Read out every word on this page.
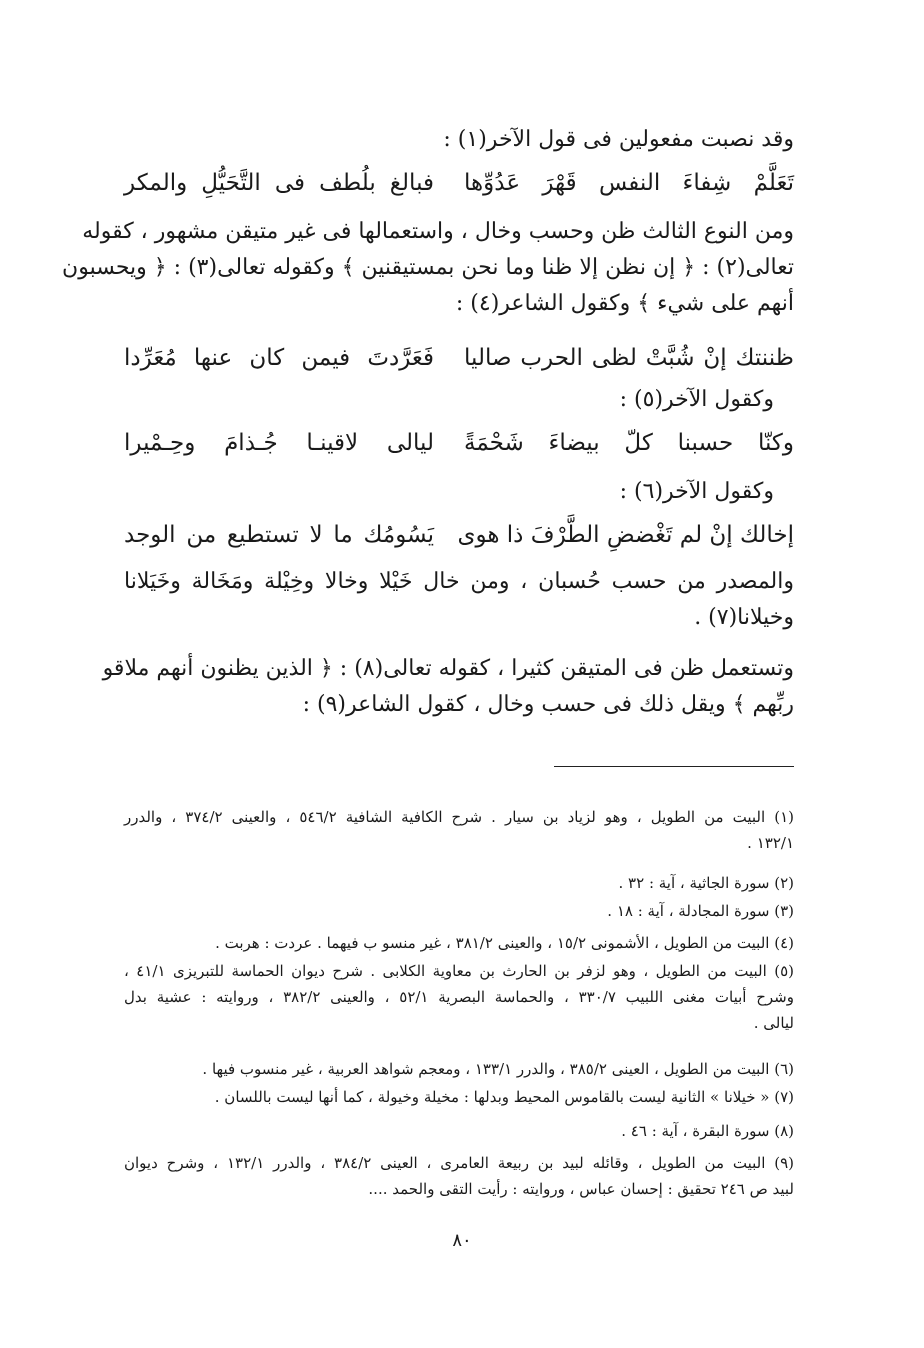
وقد نصبت مفعولين فى قول الآخر(١) :
تَعَلَّمْ شِفاءَ النفس قَهْرَ عَدُوِّها
فبالغ بلُطف فى التَّحَيُّلِ والمكر
ومن النوع الثالث ظن وحسب وخال ، واستعمالها فى غير متيقن مشهور ، كقوله
تعالى(٢) : ﴿ إن نظن إلا ظنا وما نحن بمستيقنين ﴾ وكقوله تعالى(٣) : ﴿ ويحسبون
أنهم على شيء ﴾ وكقول الشاعر(٤) :
ظننتك إنْ شُبَّتْ لظى الحرب صاليا
فَعَرَّدتَ فيمن كان عنها مُعَرِّدا
وكقول الآخر(٥) :
وكنّا حسبنا كلّ بيضاءَ شَحْمَةً
ليالى لاقينـا جُـذامَ وحِـمْيرا
وكقول الآخر(٦) :
إخالك إنْ لم تَغْضضِ الطَّرْفَ ذا هوى
يَسُومُك ما لا تستطيع من الوجد
والمصدر من حسب حُسبان ، ومن خال خَيْلا وخالا وخِيْلة ومَخَالة وخَيَلانا
وخيلانا(٧) .
وتستعمل ظن فى المتيقن كثيرا ، كقوله تعالى(٨) : ﴿ الذين يظنون أنهم ملاقو
ربِّهم ﴾ ويقل ذلك فى حسب وخال ، كقول الشاعر(٩) :
(١) البيت من الطويل ، وهو لزياد بن سيار . شرح الكافية الشافية ٥٤٦/٢ ، والعينى ٣٧٤/٢ ، والدرر
١٣٢/١ .
(٢) سورة الجاثية ، آية : ٣٢ .
(٣) سورة المجادلة ، آية : ١٨ .
(٤) البيت من الطويل ، الأشمونى ١٥/٢ ، والعينى ٣٨١/٢ ، غير منسو ب فيهما . عردت : هربت .
(٥) البيت من الطويل ، وهو لزفر بن الحارث بن معاوية الكلابى . شرح ديوان الحماسة للتبريزى ٤١/١ ،
وشرح أبيات مغنى اللبيب ٣٣٠/٧ ، والحماسة البصرية ٥٢/١ ، والعينى ٣٨٢/٢ ، وروايته : عشية بدل
ليالى .
(٦) البيت من الطويل ، العينى ٣٨٥/٢ ، والدرر ١٣٣/١ ، ومعجم شواهد العربية ، غير منسوب فيها .
(٧) « خيلانا » الثانية ليست بالقاموس المحيط وبدلها : مخيلة وخيولة ، كما أنها ليست باللسان .
(٨) سورة البقرة ، آية : ٤٦ .
(٩) البيت من الطويل ، وقائله لبيد بن ربيعة العامرى ، العينى ٣٨٤/٢ ، والدرر ١٣٢/١ ، وشرح ديوان
لبيد ص ٢٤٦ تحقيق : إحسان عباس ، وروايته : رأيت التقى والحمد ....
٨٠
